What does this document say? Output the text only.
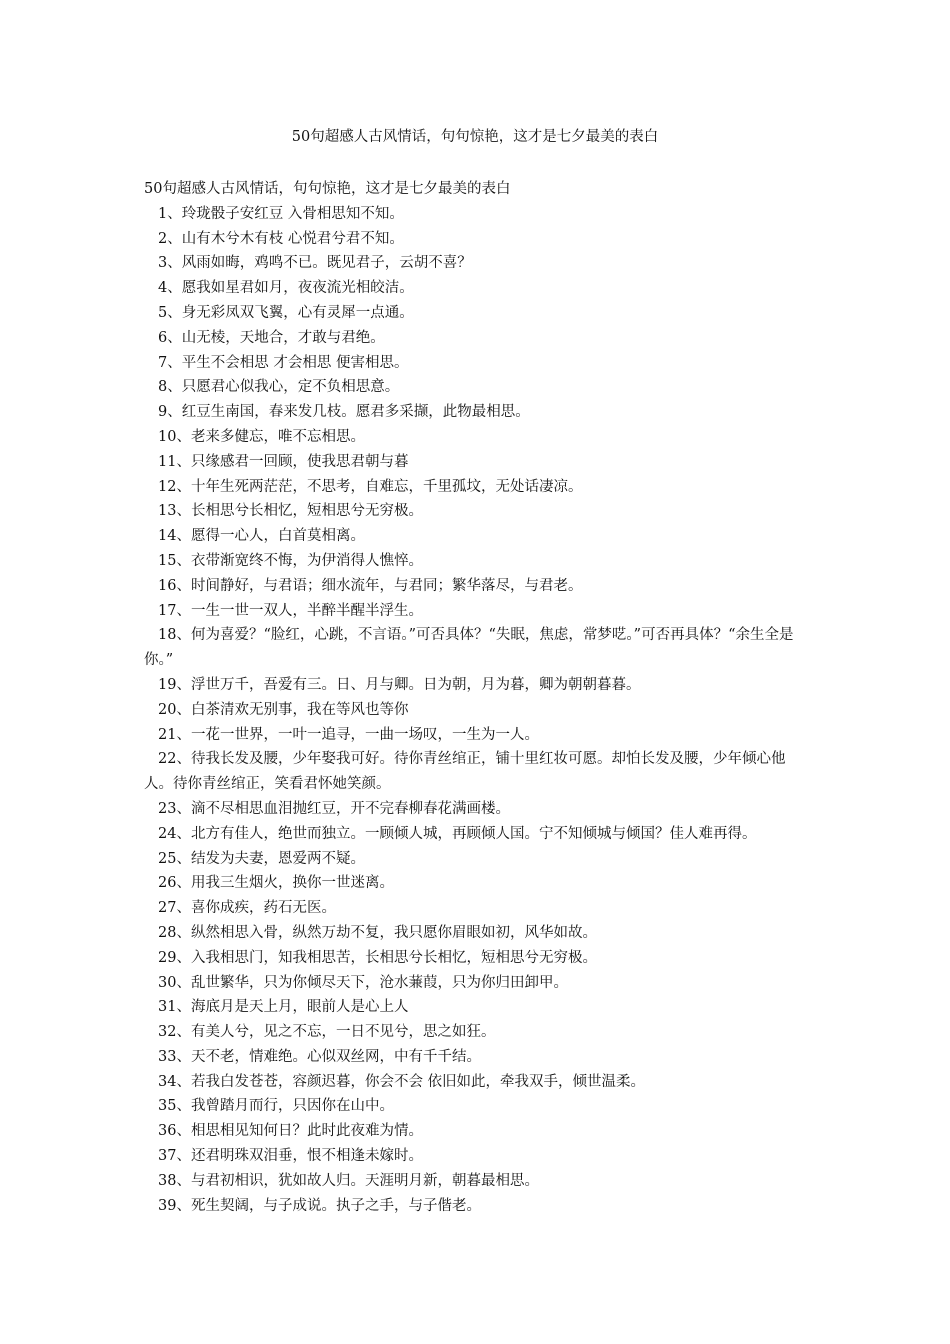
50句超感人古风情话，句句惊艳，这才是七夕最美的表白

50句超感人古风情话，句句惊艳，这才是七夕最美的表白

1、玲珑骰子安红豆 入骨相思知不知。
2、山有木兮木有枝 心悦君兮君不知。
3、风雨如晦，鸡鸣不已。既见君子，云胡不喜？
4、愿我如星君如月，夜夜流光相皎洁。
5、身无彩凤双飞翼，心有灵犀一点通。
6、山无棱，天地合，才敢与君绝。
7、平生不会相思 才会相思 便害相思。
8、只愿君心似我心，定不负相思意。
9、红豆生南国，春来发几枝。愿君多采撷，此物最相思。
10、老来多健忘，唯不忘相思。
11、只缘感君一回顾，使我思君朝与暮
12、十年生死两茫茫，不思考，自难忘，千里孤坟，无处话凄凉。
13、长相思兮长相忆，短相思兮无穷极。
14、愿得一心人，白首莫相离。
15、衣带渐宽终不悔，为伊消得人憔悴。
16、时间静好，与君语；细水流年，与君同；繁华落尽，与君老。
17、一生一世一双人，半醉半醒半浮生。
18、何为喜爱？“脸红，心跳，不言语。”可否具体？“失眠，焦虑，常梦呓。”可否再具体？“余生全是你。”
19、浮世万千，吾爱有三。日、月与卿。日为朝，月为暮，卿为朝朝暮暮。
20、白茶清欢无别事，我在等风也等你
21、一花一世界，一叶一追寻，一曲一场叹，一生为一人。
22、待我长发及腰，少年娶我可好。待你青丝绾正，铺十里红妆可愿。却怕长发及腰，少年倾心他人。待你青丝绾正，笑看君怀她笑颜。
23、滴不尽相思血泪抛红豆，开不完春柳春花满画楼。
24、北方有佳人，绝世而独立。一顾倾人城，再顾倾人国。宁不知倾城与倾国？佳人难再得。
25、结发为夫妻，恩爱两不疑。
26、用我三生烟火，换你一世迷离。
27、喜你成疾，药石无医。
28、纵然相思入骨，纵然万劫不复，我只愿你眉眼如初，风华如故。
29、入我相思门，知我相思苦，长相思兮长相忆，短相思兮无穷极。
30、乱世繁华，只为你倾尽天下，沧水蒹葭，只为你归田卸甲。
31、海底月是天上月，眼前人是心上人
32、有美人兮，见之不忘，一日不见兮，思之如狂。
33、天不老，情难绝。心似双丝网，中有千千结。
34、若我白发苍苍，容颜迟暮，你会不会 依旧如此，牵我双手，倾世温柔。
35、我曾踏月而行，只因你在山中。
36、相思相见知何日？此时此夜难为情。
37、还君明珠双泪垂，恨不相逢未嫁时。
38、与君初相识，犹如故人归。天涯明月新，朝暮最相思。
39、死生契阔，与子成说。执子之手，与子偕老。
